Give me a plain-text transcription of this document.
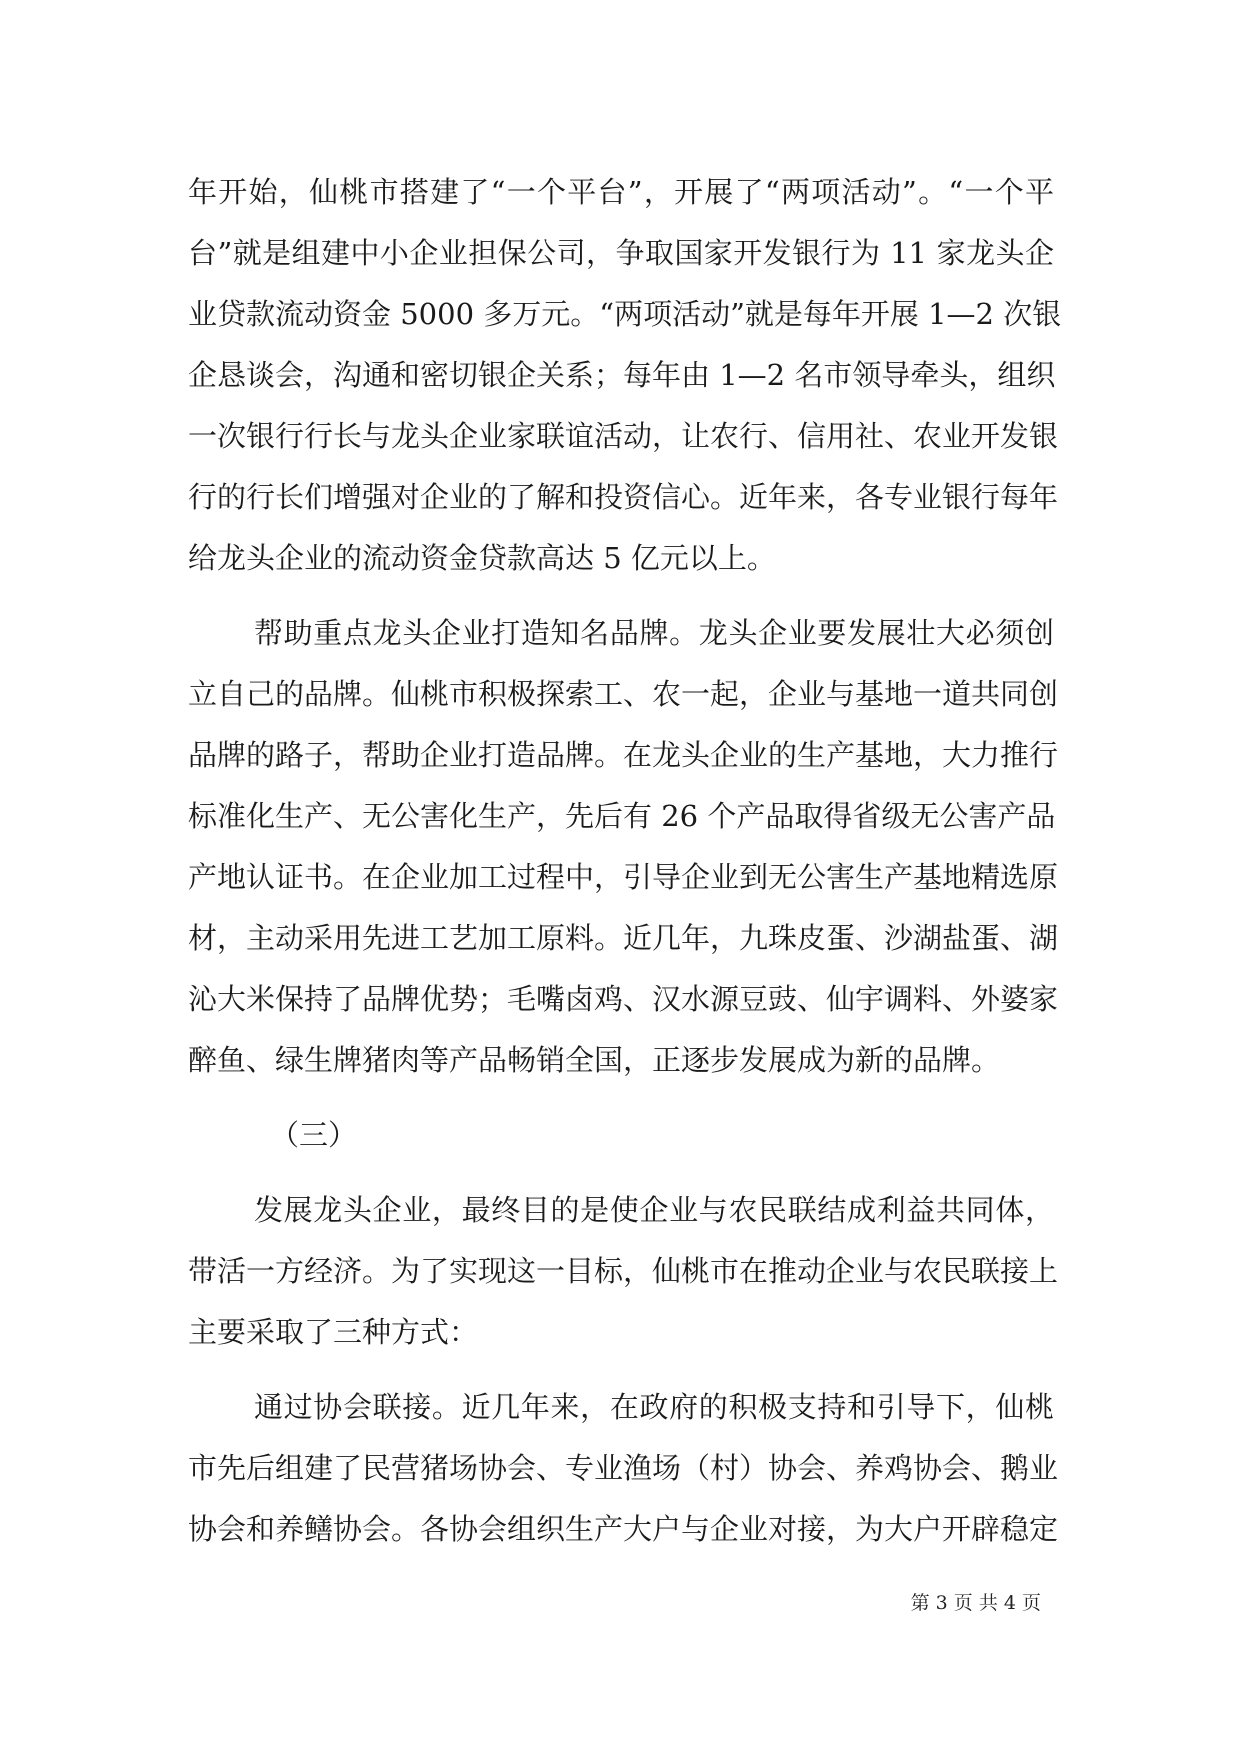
年开始，仙桃市搭建了“一个平台”，开展了“两项活动”。“一个平
台”就是组建中小企业担保公司，争取国家开发银行为 11 家龙头企
业贷款流动资金 5000 多万元。“两项活动”就是每年开展 1—2 次银
企恳谈会，沟通和密切银企关系；每年由 1—2 名市领导牵头，组织
一次银行行长与龙头企业家联谊活动，让农行、信用社、农业开发银
行的行长们增强对企业的了解和投资信心。近年来，各专业银行每年
给龙头企业的流动资金贷款高达 5 亿元以上。
帮助重点龙头企业打造知名品牌。龙头企业要发展壮大必须创
立自己的品牌。仙桃市积极探索工、农一起，企业与基地一道共同创
品牌的路子，帮助企业打造品牌。在龙头企业的生产基地，大力推行
标准化生产、无公害化生产，先后有 26 个产品取得省级无公害产品
产地认证书。在企业加工过程中，引导企业到无公害生产基地精选原
材，主动采用先进工艺加工原料。近几年，九珠皮蛋、沙湖盐蛋、湖
沁大米保持了品牌优势；毛嘴卤鸡、汉水源豆豉、仙宇调料、外婆家
醉鱼、绿生牌猪肉等产品畅销全国，正逐步发展成为新的品牌。
（三）
发展龙头企业，最终目的是使企业与农民联结成利益共同体，
带活一方经济。为了实现这一目标，仙桃市在推动企业与农民联接上
主要采取了三种方式：
通过协会联接。近几年来，在政府的积极支持和引导下，仙桃
市先后组建了民营猪场协会、专业渔场（村）协会、养鸡协会、鹅业
协会和养鳝协会。各协会组织生产大户与企业对接，为大户开辟稳定
第 3 页 共 4 页
